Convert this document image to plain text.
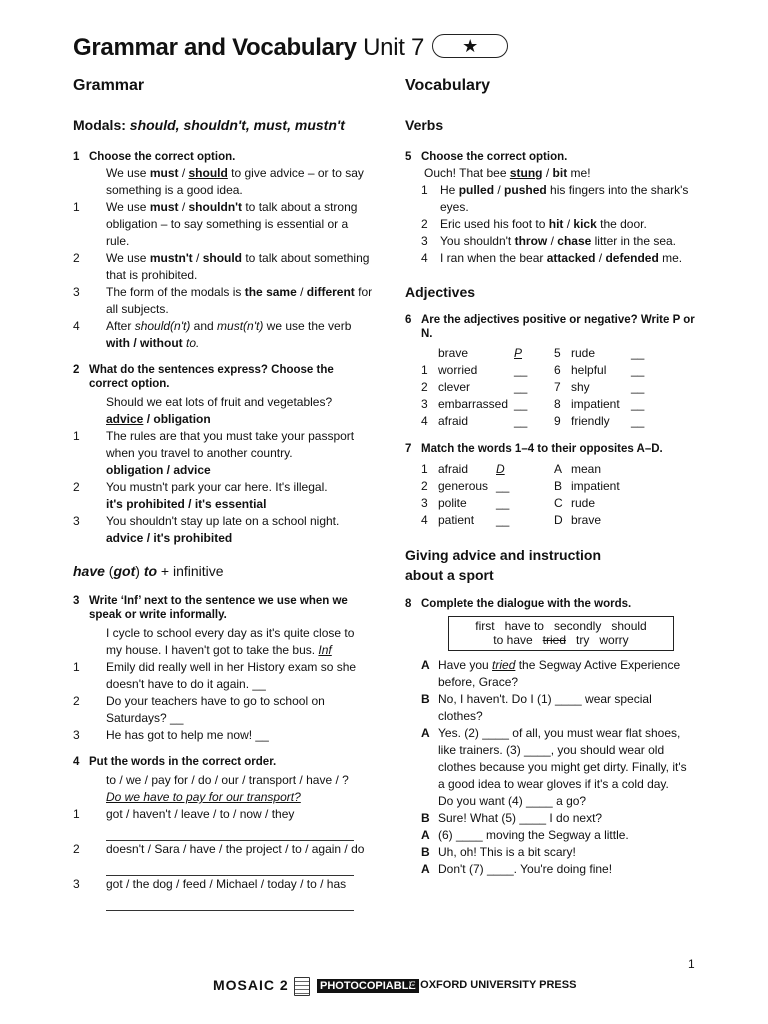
Grammar and Vocabulary Unit 7 ★
Grammar
Modals: should, shouldn't, must, mustn't
1 Choose the correct option.
We use must / should to give advice – or to say something is a good idea.
1	We use must / shouldn't to talk about a strong obligation – to say something is essential or a rule.
2	We use mustn't / should to talk about something that is prohibited.
3	The form of the modals is the same / different for all subjects.
4	After should(n't) and must(n't) we use the verb with / without to.
2 What do the sentences express? Choose the correct option.
Should we eat lots of fruit and vegetables?
advice / obligation
1	The rules are that you must take your passport when you travel to another country.
obligation / advice
2	You mustn't park your car here. It's illegal.
it's prohibited / it's essential
3	You shouldn't stay up late on a school night.
advice / it's prohibited
have (got) to + infinitive
3 Write ‘Inf’ next to the sentence we use when we speak or write informally.
I cycle to school every day as it's quite close to my house. I haven't got to take the bus. Inf
1	Emily did really well in her History exam so she doesn't have to do it again. __
2	Do your teachers have to go to school on Saturdays? __
3	He has got to help me now! __
4 Put the words in the correct order.
to / we / pay for / do / our / transport / have / ?
Do we have to pay for our transport?
1	got / haven't / leave / to / now / they
2	doesn't / Sara / have / the project / to / again / do
3	got / the dog / feed / Michael / today / to / has
Vocabulary
Verbs
5 Choose the correct option.
Ouch! That bee stung / bit me!
1	He pulled / pushed his fingers into the shark's eyes.
2	Eric used his foot to hit / kick the door.
3	You shouldn't throw / chase litter in the sea.
4	I ran when the bear attacked / defended me.
Adjectives
6 Are the adjectives positive or negative? Write P or N.
	brave	P	5	rude	__
1	worried	__	6	helpful	__
2	clever	__	7	shy	__
3	embarrassed	__	8	impatient	__
4	afraid	__	9	friendly	__
7 Match the words 1–4 to their opposites A–D.
1	afraid	D	A	mean
2	generous	__	B	impatient
3	polite	__	C	rude
4	patient	__	D	brave
Giving advice and instruction about a sport
8 Complete the dialogue with the words.
first   have to   secondly   should
to have   tried   try   worry
A Have you tried the Segway Active Experience before, Grace?
B No, I haven't. Do I (1) ____ wear special clothes?
A Yes. (2) ____ of all, you must wear flat shoes, like trainers. (3) ____, you should wear old clothes because you might get dirty. Finally, it's a good idea to wear gloves if it's a cold day.
Do you want (4) ____ a go?
B Sure! What (5) ____ I do next?
A (6) ____ moving the Segway a little.
B Uh, oh! This is a bit scary!
A Don't (7) ____. You're doing fine!
1
MOSAIC 2	PHOTOCOPIABLE
© OXFORD UNIVERSITY PRESS
